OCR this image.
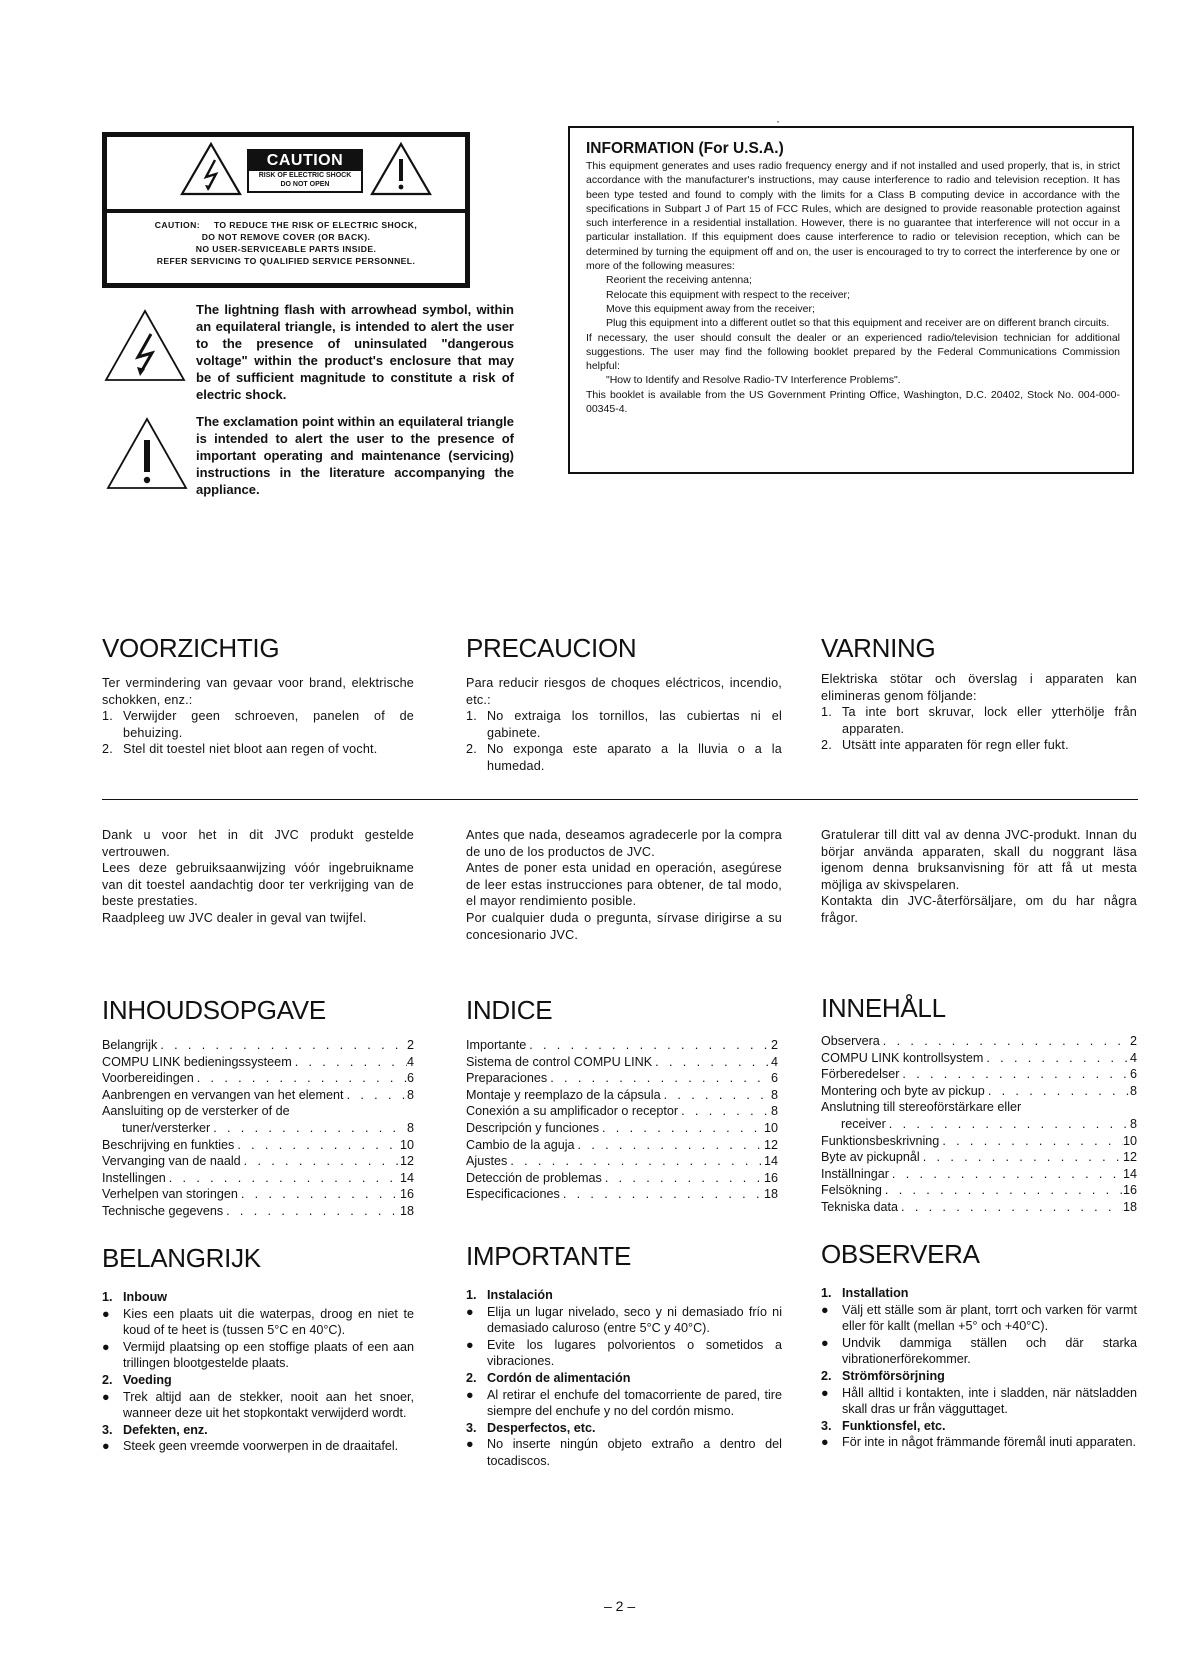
CAUTION
RISK OF ELECTRIC SHOCK
DO NOT OPEN
CAUTION:     TO REDUCE THE RISK OF ELECTRIC SHOCK,
DO NOT REMOVE COVER (OR BACK).
NO USER-SERVICEABLE PARTS INSIDE.
REFER SERVICING TO QUALIFIED SERVICE PERSONNEL.
The lightning flash with arrowhead symbol, within an equilateral triangle, is intended to alert the user to the presence of uninsulated "dangerous voltage" within the product's enclosure that may be of sufficient magnitude to constitute a risk of electric shock.
The exclamation point within an equilateral triangle is intended to alert the user to the presence of important operating and maintenance (servicing) instructions in the literature accompanying the appliance.
·
INFORMATION (For U.S.A.)
This equipment generates and uses radio frequency energy and if not installed and used properly, that is, in strict accordance with the manufacturer's instructions, may cause interference to radio and television reception. It has been type tested and found to comply with the limits for a Class B computing device in accordance with the specifications in Subpart J of Part 15 of FCC Rules, which are designed to provide reasonable protection against such interference in a residential installation. However, there is no guarantee that interference will not occur in a particular installation. If this equipment does cause interference to radio or television reception, which can be determined by turning the equipment off and on, the user is encouraged to try to correct the interference by one or more of the following measures:
Reorient the receiving antenna;
Relocate this equipment with respect to the receiver;
Move this equipment away from the receiver;
Plug this equipment into a different outlet so that this equipment and receiver are on different branch circuits.
If necessary, the user should consult the dealer or an experienced radio/television technician for additional suggestions. The user may find the following booklet prepared by the Federal Communications Commission helpful:
"How to Identify and Resolve Radio-TV Interference Problems".
This booklet is available from the US Government Printing Office, Washington, D.C. 20402, Stock No. 004-000-00345-4.
VOORZICHTIG
Ter vermindering van gevaar voor brand, elektrische schokken, enz.:
1. Verwijder geen schroeven, panelen of de behuizing.
2. Stel dit toestel niet bloot aan regen of vocht.
PRECAUCION
Para reducir riesgos de choques eléctricos, incendio, etc.:
1. No extraiga los tornillos, las cubiertas ni el gabinete.
2. No exponga este aparato a la lluvia o a la humedad.
VARNING
Elektriska stötar och överslag i apparaten kan elimineras genom följande:
1. Ta inte bort skruvar, lock eller ytterhölje från apparaten.
2. Utsätt inte apparaten för regn eller fukt.
Dank u voor het in dit JVC produkt gestelde vertrouwen.
Lees deze gebruiksaanwijzing vóór ingebruikname van dit toestel aandachtig door ter verkrijging van de beste prestaties.
Raadpleeg uw JVC dealer in geval van twijfel.
Antes que nada, deseamos agradecerle por la compra de uno de los productos de JVC.
Antes de poner esta unidad en operación, asegúrese de leer estas instrucciones para obtener, de tal modo, el mayor rendimiento posible.
Por cualquier duda o pregunta, sírvase dirigirse a su concesionario JVC.
Gratulerar till ditt val av denna JVC-produkt. Innan du börjar använda apparaten, skall du noggrant läsa igenom denna bruksanvisning för att få ut mesta möjliga av skivspelaren.
Kontakta din JVC-återförsäljare, om du har några frågor.
INHOUDSOPGAVE
Belangrijk . . .	2
COMPU LINK bedieningssysteem . . .	4
Voorbereidingen . . .	6
Aanbrengen en vervangen van het element . . .	8
Aansluiting op de versterker of de
tuner/versterker . . .	8
Beschrijving en funkties . . .	10
Vervanging van de naald . . .	12
Instellingen . . .	14
Verhelpen van storingen . . .	16
Technische gegevens . . .	18
INDICE
Importante . . .	2
Sistema de control COMPU LINK . . .	4
Preparaciones . . .	6
Montaje y reemplazo de la cápsula . . .	8
Conexión a su amplificador o receptor . . .	8
Descripción y funciones . . .	10
Cambio de la aguja . . .	12
Ajustes . . .	14
Detección de problemas . . .	16
Especificaciones . . .	18
INNEHÅLL
Observera . . .	2
COMPU LINK kontrollsystem . . .	4
Förberedelser . . .	6
Montering och byte av pickup . . .	8
Anslutning till stereoförstärkare eller
receiver . . .	8
Funktionsbeskrivning . . .	10
Byte av pickupnål . . .	12
Inställningar . . .	14
Felsökning . . .	16
Tekniska data . . .	18
BELANGRIJK
1. Inbouw
● Kies een plaats uit die waterpas, droog en niet te koud of te heet is (tussen 5°C en 40°C).
● Vermijd plaatsing op een stoffige plaats of een aan trillingen blootgestelde plaats.
2. Voeding
● Trek altijd aan de stekker, nooit aan het snoer, wanneer deze uit het stopkontakt verwijderd wordt.
3. Defekten, enz.
● Steek geen vreemde voorwerpen in de draaitafel.
IMPORTANTE
1. Instalación
● Elija un lugar nivelado, seco y ni demasiado frío ni demasiado caluroso (entre 5°C y 40°C).
● Evite los lugares polvorientos o sometidos a vibraciones.
2. Cordón de alimentación
● Al retirar el enchufe del tomacorriente de pared, tire siempre del enchufe y no del cordón mismo.
3. Desperfectos, etc.
● No inserte ningún objeto extraño a dentro del tocadiscos.
OBSERVERA
1. Installation
● Välj ett ställe som är plant, torrt och varken för varmt eller för kallt (mellan +5° och +40°C).
● Undvik dammiga ställen och där starka vibrationerförekommer.
2. Strömförsörjning
● Håll alltid i kontakten, inte i sladden, när nätsladden skall dras ur från vägguttaget.
3. Funktionsfel, etc.
● För inte in något främmande föremål inuti apparaten.
– 2 –
